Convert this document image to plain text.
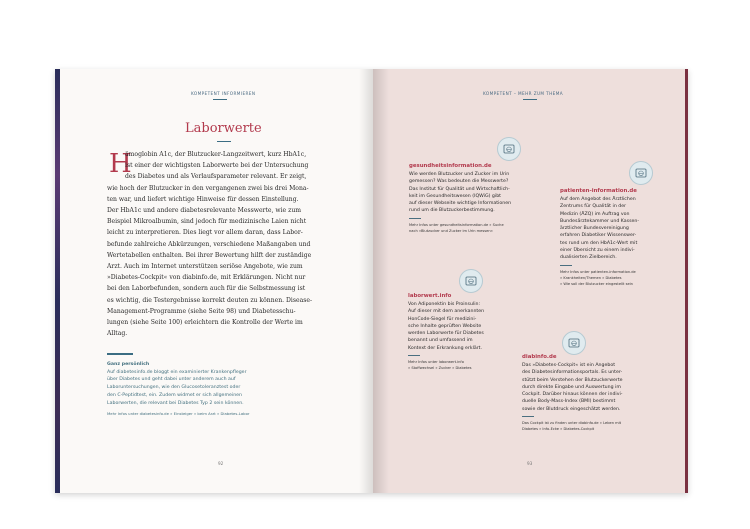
KOMPETENT INFORMIEREN
Laborwerte
H
ämoglobin A1c, der Blutzucker-Langzeitwert, kurz HbA1c,
ist einer der wichtigsten Laborwerte bei der Untersuchung
des Diabetes und als Verlaufsparameter relevant. Er zeigt,
wie hoch der Blutzucker in den vergangenen zwei bis drei Mona-
ten war, und liefert wichtige Hinweise für dessen Einstellung.
Der HbA1c und andere diabetesrelevante Messwerte, wie zum
Beispiel Mikroalbumin, sind jedoch für medizinische Laien nicht
leicht zu interpretieren. Dies liegt vor allem daran, dass Labor-
befunde zahlreiche Abkürzungen, verschiedene Maßangaben und
Wertetabellen enthalten. Bei ihrer Bewertung hilft der zuständige
Arzt. Auch im Internet unterstützen seriöse Angebote, wie zum
»Diabetes-Cockpit« von diabinfo.de, mit Erklärungen. Nicht nur
bei den Laborbefunden, sondern auch für die Selbstmessung ist
es wichtig, die Testergebnisse korrekt deuten zu können. Disease-
Management-Programme (siehe Seite 98) und Diabetesschu-
lungen (siehe Seite 100) erleichtern die Kontrolle der Werte im
Alltag.
Ganz persönlich
Auf diabetesinfo.de bloggt ein examinierter Krankenpfleger
über Diabetes und geht dabei unter anderem auch auf
Laboruntersuchungen, wie den Glucosetoleranztest oder
den C-Peptidtest, ein. Zudem widmet er sich allgemeinen
Laborwerten, die relevant bei Diabetes Typ 2 sein können.
Mehr Infos unter diabetesinfo.de » Einsteiger » beim Arzt » Diabetes-Labor
92
KOMPETENT – MEHR ZUM THEMA
gesundheitsinformation.de
Wie werden Blutzucker und Zucker im Urin
gemessen? Was bedeuten die Messwerte?
Das Institut für Qualität und Wirtschaftlich-
keit im Gesundheitswesen (IQWiG) gibt
auf dieser Webseite wichtige Informationen
rund um die Blutzuckerbestimmung.
Mehr Infos unter gesundheitsinformation.de » Suche
nach »Blutzucker und Zucker im Urin messen«
patienten-information.de
Auf dem Angebot des Ärztlichen
Zentrums für Qualität in der
Medizin (ÄZQ) im Auftrag von
Bundesärztekammer und Kassen-
ärztlicher Bundesvereinigung
erfahren Diabetiker Wissenswer-
tes rund um den HbA1c-Wert mit
einer Übersicht zu einem indivi-
dualisierten Zielbereich.
Mehr Infos unter patienten-information.de
» Krankheiten/Themen » Diabetes
» Wie soll der Blutzucker eingestellt sein
laborwert.info
Von Adiponektin bis Proinsulin:
Auf dieser mit dem anerkannten
HonCode-Siegel für medizini-
sche Inhalte geprüften Website
werden Laborwerte für Diabetes
benannt und umfassend im
Kontext der Erkrankung erklärt.
Mehr Infos unter laborwert.info
» Stoffwechsel » Zucker » Diabetes
diabinfo.de
Das »Diabetes-Cockpit« ist ein Angebot
des Diabetesinformationsportals. Es unter-
stützt beim Verstehen der Blutzuckerwerte
durch direkte Eingabe und Auswertung im
Cockpit. Darüber hinaus können der indivi-
duelle Body-Mass-Index (BMI) bestimmt
sowie der Blutdruck eingeschätzt werden.
Das Cockpit ist zu finden unter diabinfo.de » Leben mit
Diabetes » Info-Ecke » Diabetes-Cockpit
93
